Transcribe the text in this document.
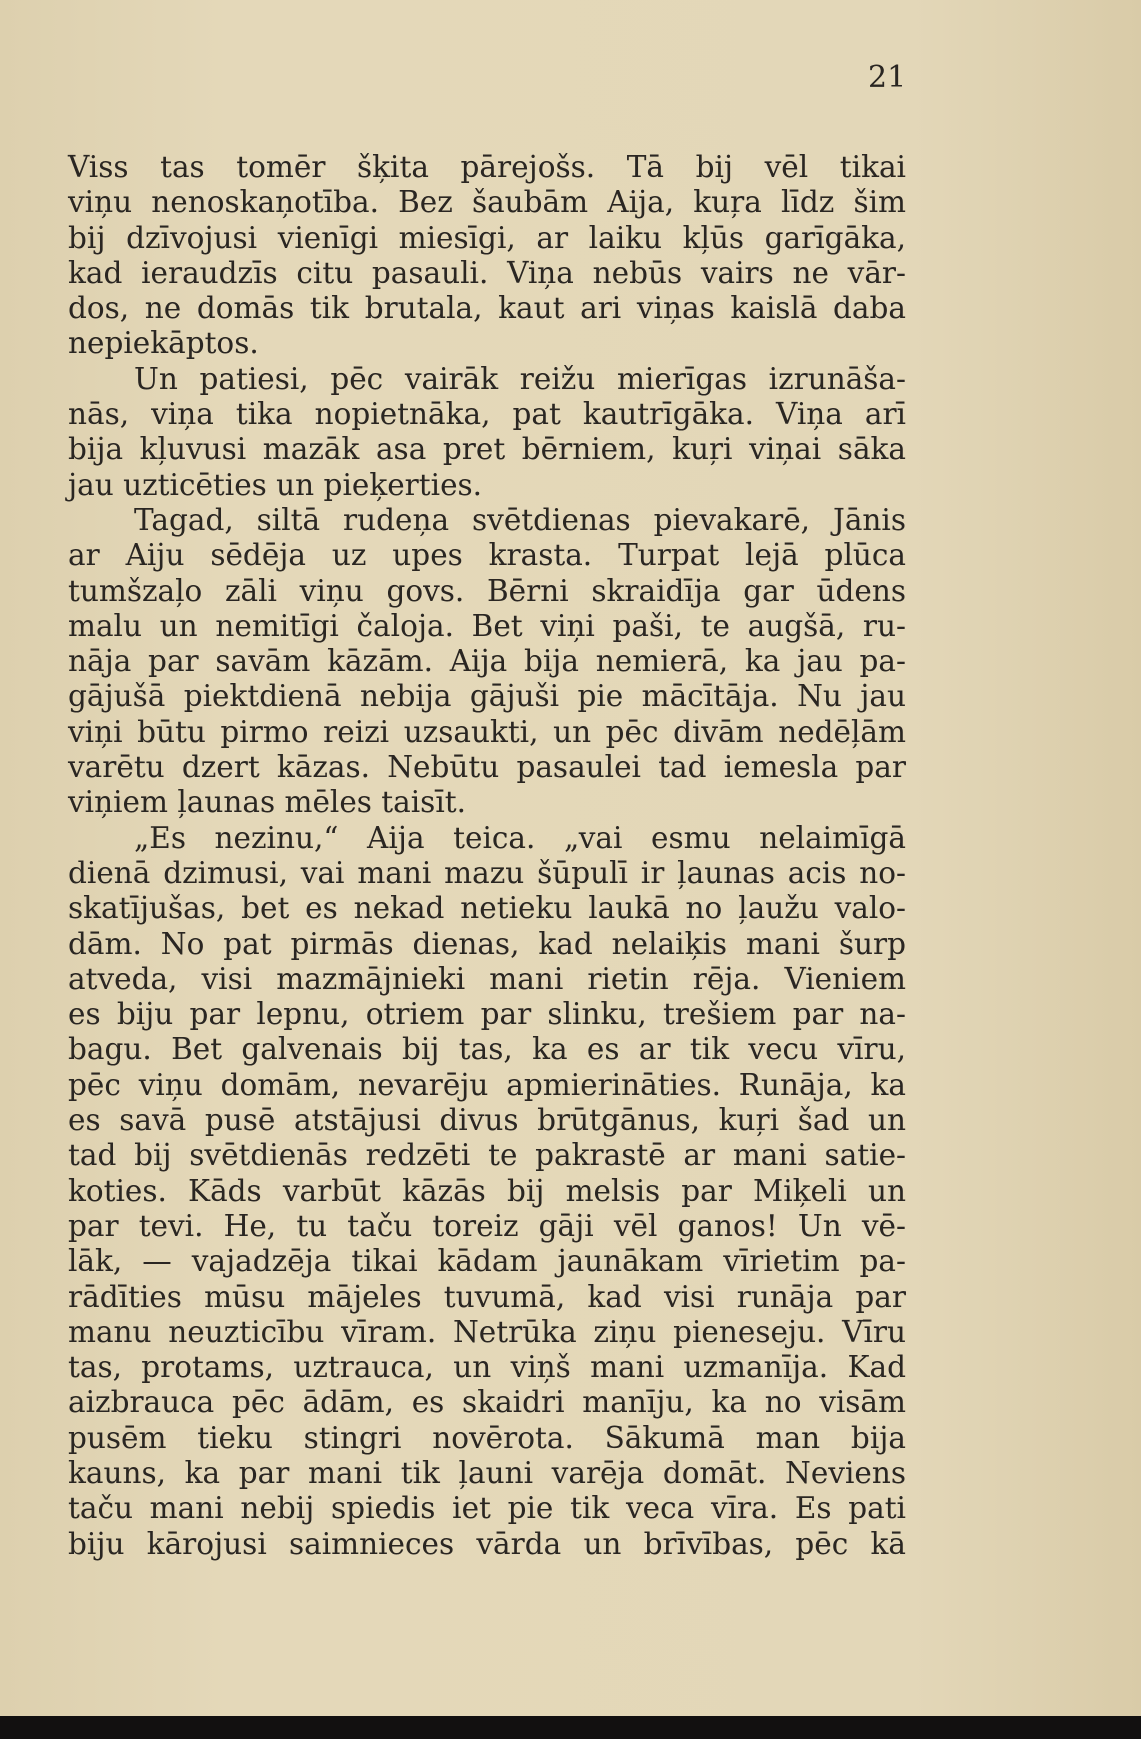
21
Viss tas tomēr šķita pārejošs. Tā bij vēl tikai
viņu nenoskaņotība. Bez šaubām Aija, kuŗa līdz šim
bij dzīvojusi vienīgi miesīgi, ar laiku kļūs garīgāka,
kad ieraudzīs citu pasauli. Viņa nebūs vairs ne vār-
dos, ne domās tik brutala, kaut ari viņas kaislā daba
nepiekāptos.
Un patiesi, pēc vairāk reižu mierīgas izrunāša-
nās, viņa tika nopietnāka, pat kautrīgāka. Viņa arī
bija kļuvusi mazāk asa pret bērniem, kuŗi viņai sāka
jau uzticēties un pieķerties.
Tagad, siltā rudeņa svētdienas pievakarē, Jānis
ar Aiju sēdēja uz upes krasta. Turpat lejā plūca
tumšzaļo zāli viņu govs. Bērni skraidīja gar ūdens
malu un nemitīgi čaloja. Bet viņi paši, te augšā, ru-
nāja par savām kāzām. Aija bija nemierā, ka jau pa-
gājušā piektdienā nebija gājuši pie mācītāja. Nu jau
viņi būtu pirmo reizi uzsaukti, un pēc divām nedēļām
varētu dzert kāzas. Nebūtu pasaulei tad iemesla par
viņiem ļaunas mēles taisīt.
„Es nezinu,“ Aija teica. „vai esmu nelaimīgā
dienā dzimusi, vai mani mazu šūpulī ir ļaunas acis no-
skatījušas, bet es nekad netieku laukā no ļaužu valo-
dām. No pat pirmās dienas, kad nelaiķis mani šurp
atveda, visi mazmājnieki mani rietin rēja. Vieniem
es biju par lepnu, otriem par slinku, trešiem par na-
bagu. Bet galvenais bij tas, ka es ar tik vecu vīru,
pēc viņu domām, nevarēju apmierināties. Runāja, ka
es savā pusē atstājusi divus brūtgānus, kuŗi šad un
tad bij svētdienās redzēti te pakrastē ar mani satie-
koties. Kāds varbūt kāzās bij melsis par Miķeli un
par tevi. He, tu taču toreiz gāji vēl ganos! Un vē-
lāk, — vajadzēja tikai kādam jaunākam vīrietim pa-
rādīties mūsu mājeles tuvumā, kad visi runāja par
manu neuzticību vīram. Netrūka ziņu pieneseju. Vīru
tas, protams, uztrauca, un viņš mani uzmanīja. Kad
aizbrauca pēc ādām, es skaidri manīju, ka no visām
pusēm tieku stingri novērota. Sākumā man bija
kauns, ka par mani tik ļauni varēja domāt. Neviens
taču mani nebij spiedis iet pie tik veca vīra. Es pati
biju kārojusi saimnieces vārda un brīvības, pēc kā
